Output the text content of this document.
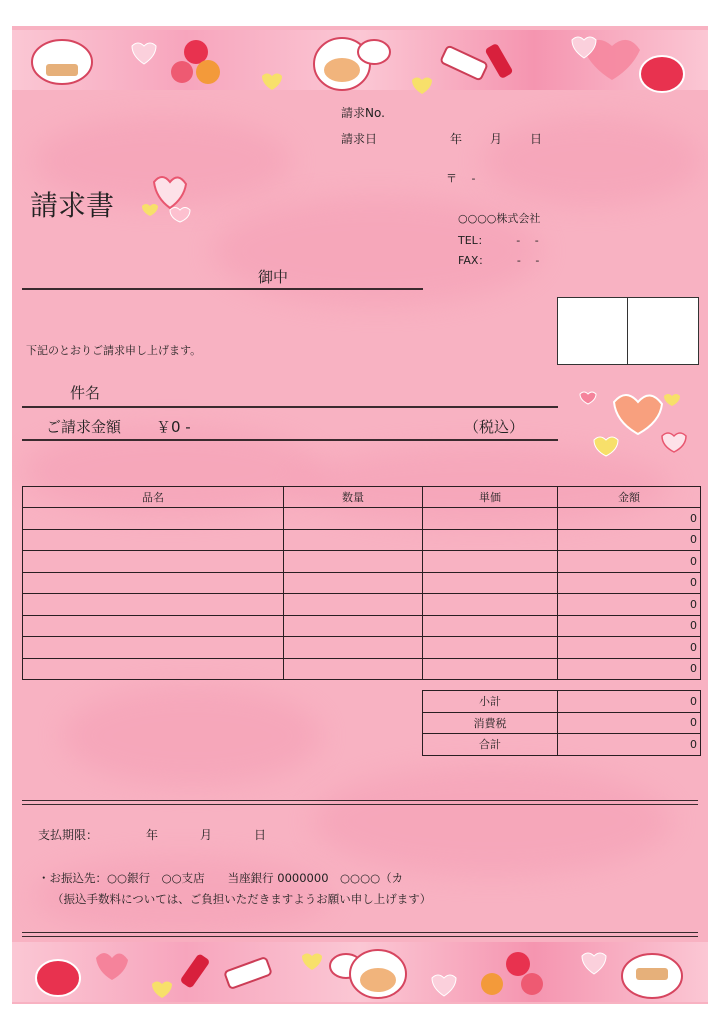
請求No.
請求日	年 月 日
〒　 -
○○○○株式会社
TEL：　　　-　 -
FAX：　　　-　 -
請求書
御中
下記のとおりご請求申し上げます。
件名
ご請求金額 ￥0 -	（税込）
品名	数量	単価	金額
			0
			0
			0
			0
			0
			0
			0
			0
小計	0
消費税	0
合計	0
支払期限：	年	月	日
・お振込先：○○銀行　○○支店　　当座銀行 0000000　○○○○（カ
（振込手数料については、ご負担いただきますようお願い申し上げます）
